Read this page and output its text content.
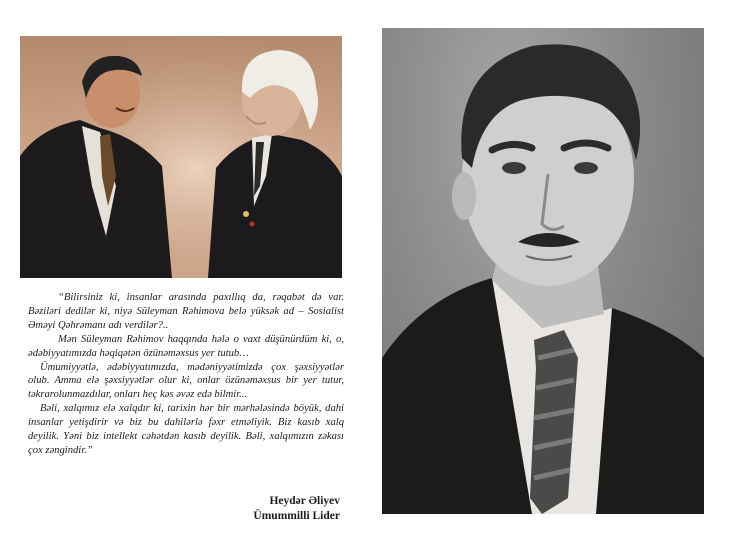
“Bilirsiniz ki, insanlar arasında paxıllıq da, rəqabət də var. Bəziləri dedilər ki, niyə Süleyman Rəhimova belə yüksək ad – Sosialist Əməyi Qəhrəmanı adı verdilər?..

Mən Süleyman Rəhimov haqqında hələ o vaxt düşünürdüm ki, o, ədəbiyyatımızda həqiqətən özünəməxsus yer tutub…

Ümumiyyətlə, ədəbiyyatımızda, mədəniyyətimizdə çox şəxsiyyətlər olub. Amma elə şəxsiyyətlər olur ki, onlar özünəməxsus bir yer tutur, təkrarolunmazdılar, onları heç kəs əvəz edə bilmir...

Bəli, xalqımız elə xalqdır ki, tarixin hər bir mərhələsində böyük, dahi insanlar yetişdirir və biz bu dahilərlə fəxr etməliyik. Biz kasıb xalq deyilik. Yəni biz intellekt cəhətdən kasıb deyilik. Bəli, xalqımızın zəkası çox zəngindir.”

Heydər Əliyev
Ümummilli Lider
